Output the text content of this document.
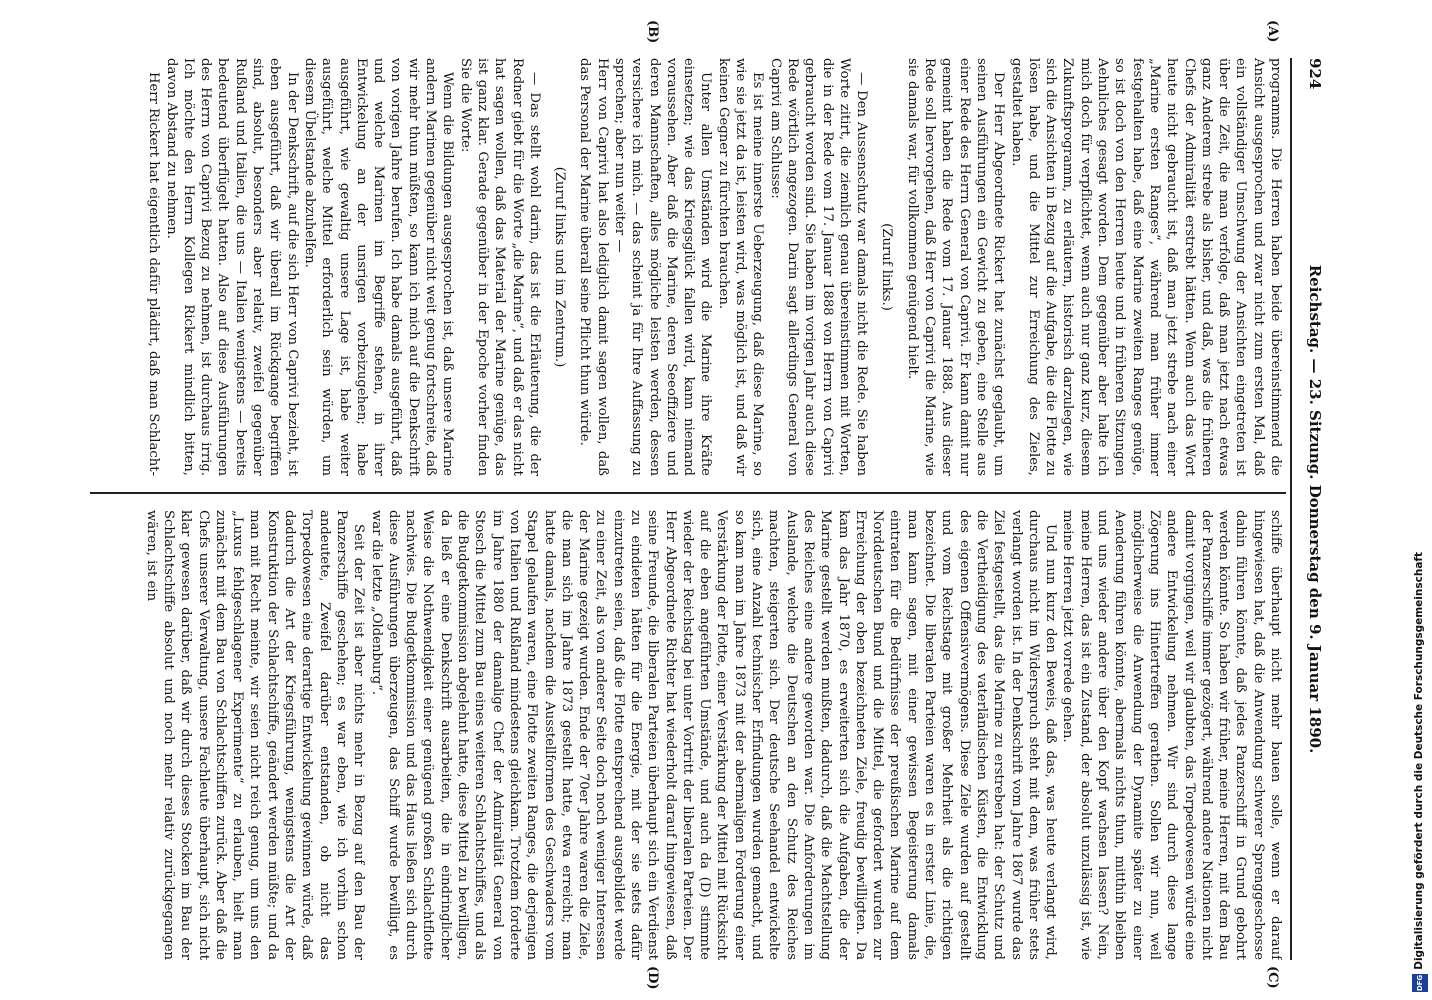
924
Reichstag. — 23. Sitzung. Donnerstag den 9. Januar 1890.
(A)
(B)
(C)
(D)

programms. Die Herren haben beide übereinstimmend die Ansicht ausgesprochen und zwar nicht zum ersten Mal, daß ein vollständiger Umschwung der Ansichten eingetreten ist über die Zeit, die man verfolge, daß man jetzt nach etwas ganz Anderem strebe als bisher, und daß, was die früheren Chefs der Admiralität erstrebt hätten. Wenn auch das Wort heute nicht gebraucht ist, daß man jetzt strebe nach einer „Marine ersten Ranges“, während man früher immer festgehalten habe, daß eine Marine zweiten Ranges genüge, so ist doch von den Herren heute und in früheren Sitzungen Aehnliches gesagt worden. Dem gegenüber aber halte ich mich doch für verpflichtet, wenn auch nur ganz kurz, diesem Zukunftsprogramm, zu erläutern, historisch darzulegen, wie sich die Ansichten in Bezug auf die Aufgabe, die die Flotte zu lösen habe, und die Mittel zur Erreichung des Zieles, gestaltet haben.

Der Herr Abgeordnete Rickert hat zunächst geglaubt, um seinen Ausführungen ein Gewicht zu geben, eine Stelle aus einer Rede des Herrn General von Caprivi. Er kann damit nur gemeint haben die Rede vom 17. Januar 1888. Aus dieser Rede soll hervorgehen, daß Herr von Caprivi die Marine, wie sie damals war, für vollkommen genügend hielt.

(Zuruf links.)

— Den Aussenschutz war damals nicht die Rede. Sie haben Worte zitirt, die ziemlich genau übereinstimmen mit Worten, die in der Rede vom 17. Januar 1888 von Herrn von Caprivi gebraucht worden sind. Sie haben im vorigen Jahr auch diese Rede wörtlich angezogen. Darin sagt allerdings General von Caprivi am Schlusse:

Es ist meine innerste Ueberzeugung, daß diese Marine, so wie sie jetzt da ist, leisten wird, was möglich ist, und daß wir keinen Gegner zu fürchten brauchen.

Unter allen Umständen wird die Marine ihre Kräfte einsetzen; wie das Kriegsglück fallen wird, kann niemand voraussehen. Aber daß die Marine, deren Seeoffiziere und deren Mannschaften, alles mögliche leisten werden, dessen versichere ich mich. — das scheint ja für Ihre Auffassung zu sprechen; aber nun weiter —

Herr von Caprivi hat also lediglich damit sagen wollen, daß das Personal der Marine überall seine Pflicht thun würde.

(Zuruf links und im Zentrum.)

— Das stellt wohl darin, das ist die Erläuterung, die der Redner giebt für die Worte „die Marine“, und daß er das nicht hat sagen wollen, daß das Material der Marine genüge, das ist ganz klar. Gerade gegenüber in der Epoche vorher finden Sie die Worte:

Wenn die Bildungen ausgesprochen ist, daß unsere Marine andern Marinen gegenüber nicht weit genug fortschreite, daß wir mehr thun müßten, so kann ich mich auf die Denkschrift von vorigen Jahre berufen. Ich habe damals ausgeführt, daß und welche Marinen im Begriffe stehen, in ihrer Entwickelung an der unsrigen vorbeizugehen; habe ausgeführt, wie gewaltig unsere Lage ist, habe weiter ausgeführt, welche Mittel erforderlich sein würden, um diesem Übelstande abzuhelfen.

In der Denkschrift, auf die sich Herr von Caprivi bezieht, ist eben ausgeführt, daß wir überall im Rückgange begriffen sind, absolut, besonders aber relativ, zweifel gegenüber Rußland und Italien, die uns — Italien wenigstens — bereits bedeutend überflügelt hatten. Also auf diese Ausführungen des Herrn von Caprivi Bezug zu nehmen, ist durchaus irrig. Ich möchte den Herrn Kollegen Rickert mindlich bitten, davon Abstand zu nehmen.

Herr Rickert hat eigentlich dafür plädirt, daß man Schlacht-

schiffe überhaupt nicht mehr bauen solle, wenn er darauf hingewiesen hat, daß die Anwendung schwerer Sprenggeschosse dahin führen könnte, daß jedes Panzerschiff in Grund gebohrt werden könnte. So haben wir früher, meine Herren, mit dem Bau der Panzerschiffe immer gezögert, während andere Nationen nicht damit vorgingen, weil wir glaubten, das Torpedowesen würde eine andere Entwickelung nehmen. Wir sind durch diese lange Zögerung ins Hintertreffen gerathen. Sollen wir nun, weil möglicherweise die Anwendung der Dynamite später zu einer Aenderung führen könnte, abermals nichts thun, mitthin bleiben und uns wieder andere über den Kopf wachsen lassen? Nein, meine Herren, das ist ein Zustand, der absolut unzulässig ist, wie meine Herren jetzt vorrede gehen.

Und nun kurz den Beweis, daß das, was heute verlangt wird, durchaus nicht im Widerspruch steht mit dem, was früher stets verlangt worden ist. In der Denkschrift vom Jahre 1867 wurde das Ziel festgestellt, das die Marine zu erstreben hat: der Schutz und die Vertheidigung des vaterländischen Küsten, die Entwicklung des eigenen Offensivvermögens. Diese Ziele wurden auf gestellt und vom Reichstage mit großer Mehrheit als die richtigen bezeichnet. Die liberalen Parteien waren es in erster Linie, die, man kann sagen, mit einer gewissen Begeisterung damals eintraten für die Bedürfnisse der preußischen Marine auf dem Norddeutschen Bund und die Mittel, die gefordert wurden zur Erreichung der oben bezeichneten Ziele, freudig bewilligten. Da kam das Jahr 1870, es erweiterten sich die Aufgaben, die der Marine gestellt werden mußten, dadurch, daß die Machtstellung des Reiches eine andere geworden war. Die Anforderungen im Auslande, welche die Deutschen an den Schutz des Reiches machten, steigerten sich. Der deutsche Seehandel entwickelte sich, eine Anzahl technischer Erfindungen wurden gemacht, und so kam man im Jahre 1873 mit der abermaligen Forderung einer Verstärkung der Flotte, einer Verstärkung der Mittel mit Rücksicht auf die eben angeführten Umstände, und auch da (D) stimmte wieder der Reichstag bei unter Vortritt der liberalen Parteien. Der Herr Abgeordnete Richter hat wiederholt darauf hingewiesen, daß seine Freunde, die liberalen Parteien überhaupt sich ein Verdienst zu eindieten hätten für die Energie, mit der sie stets dafür einzutreten seien, daß die Flotte entsprechend ausgebildet werde zu einer Zeit, als von anderer Seite doch noch weniger Interessen der Marine gezeigt wurden. Ende der 70er Jahre waren die Ziele, die man sich im Jahre 1873 gestellt hatte, etwa erreicht; man hatte damals, nachdem die Ausstellformen des Geschwaders vom Stapel gelaufen waren, eine Flotte zweiten Ranges, die derjenigen von Italien und Rußland mindestens gleichkam. Trotzdem forderte im Jahre 1880 der damalige Chef der Admiralität General von Stosch die Mittel zum Bau eines weiteren Schlachtschiffes, und als die Budgetkommission abgelehnt hatte, diese Mittel zu bewilligen, da ließ er eine Denkschrift ausarbeiten, die in eindringlicher Weise die Nothwendigkeit einer genügend großen Schlachtflotte nachwies. Die Budgetkommission und das Haus ließen sich durch diese Ausführungen überzeugen, das Schiff wurde bewilligt, es war die letzte „Oldenburg“.

Seit der Zeit ist aber nichts mehr in Bezug auf den Bau der Panzerschiffe geschehen; es war eben, wie ich vorhin schon andeutete, Zweifel darüber entstanden, ob nicht das Torpedowesen eine derartige Entwickelung gewinnen würde, daß dadurch die Art der Kriegsführung, wenigstens die Art der Konstruktion der Schlachtschiffe, geändert werden müßte; und da man mit Recht meinte, wir seien nicht reich genug, um uns den „Luxus fehlgeschlagener Experimente“ zu erlauben, hielt man zunächst mit dem Bau von Schlachtschiffen zurück. Aber daß die Chefs unserer Verwaltung, unsere Fachleute überhaupt, sich nicht klar gewesen darüber, daß wir durch dieses Stocken im Bau der Schlachtschiffe absolut und noch mehr relativ zurückgegangen wären, ist ein	Digitalisierung gefördert durch die Deutsche Forschungsgemeinschaft
DFG
